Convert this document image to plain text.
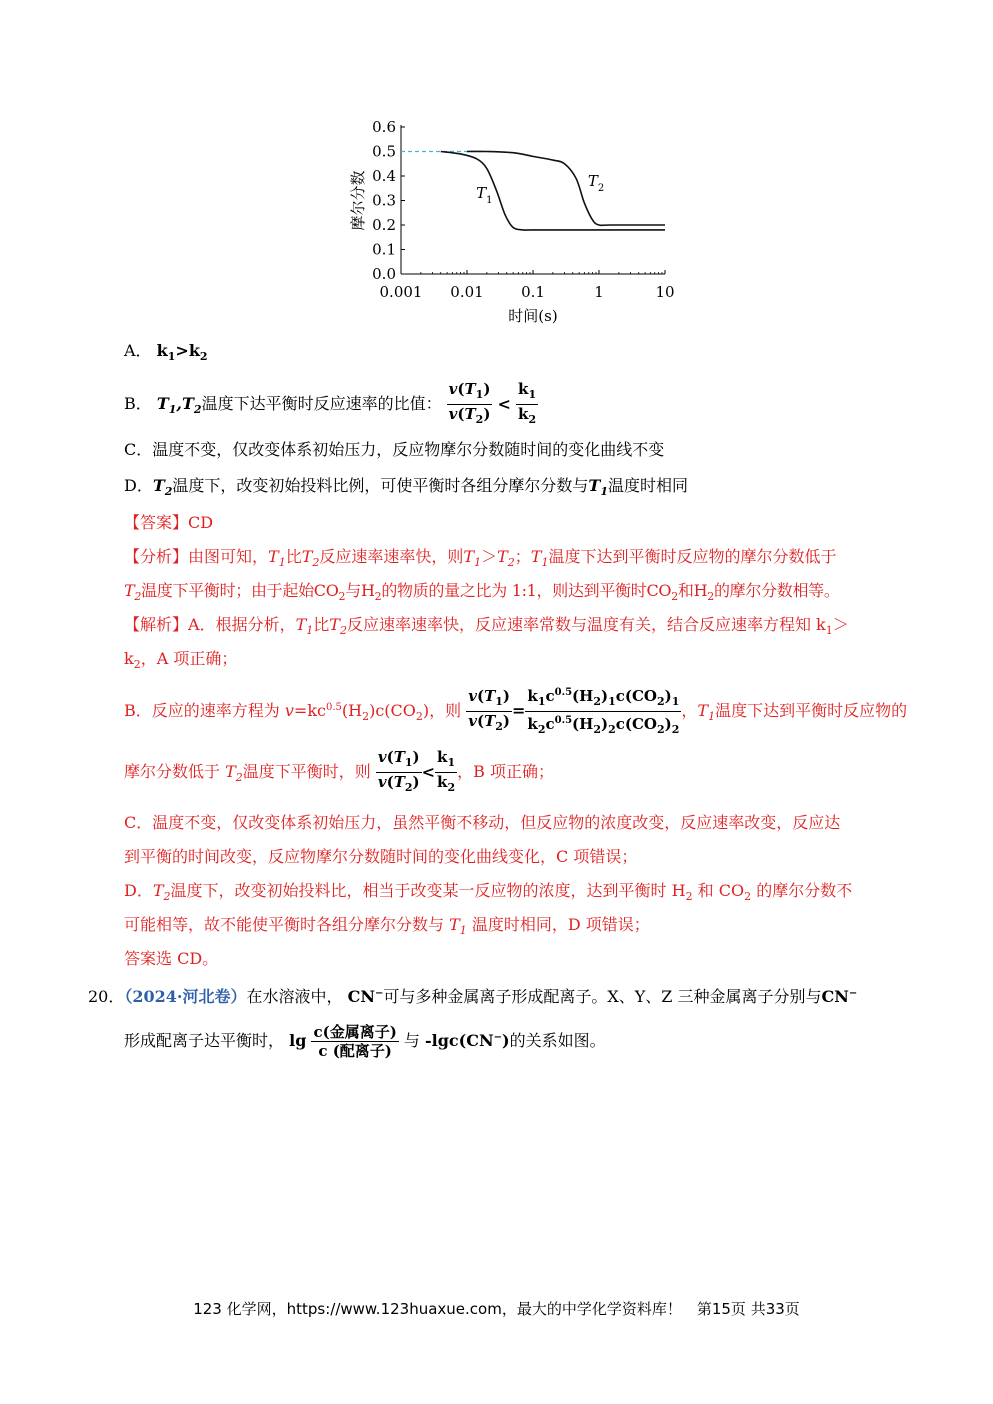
0.0
0.1
0.2
0.3
0.4
0.5
0.6
0.001 0.01 0.1	1	10
时间(s)
摩尔分数	T 1
T 2
A． $k_1>k_2$
B． $T_1,T_2$温度下达平衡时反应速率的比值： $\frac{v(T_1)}{v(T_2)} < \frac{k_1}{k_2}$
C．温度不变，仅改变体系初始压力，反应物摩尔分数随时间的变化曲线不变
D．$T_2$温度下，改变初始投料比例，可使平衡时各组分摩尔分数与$T_1$温度时相同
【答案】CD
【分析】由图可知，$T_1$比$T_2$反应速率速率快，则$T_1>T_2$；$T_1$温度下达到平衡时反应物的摩尔分数低于
$T_2$温度下平衡时；由于起始$CO_2$与$H_2$的物质的量之比为 1:1，则达到平衡时$CO_2$和$H_2$的摩尔分数相等。
【解析】A．根据分析，$T_1$比$T_2$反应速率速率快，反应速率常数与温度有关，结合反应速率方程知 $k_1>$
$k_2$，A 项正确；
B．反应的速率方程为 $v=kc^{0.5}(H_2)c(CO_2)$，则 $\frac{v(T_1)}{v(T_2)} = \frac{k_1c^{0.5}(H_2)_1c(CO_2)_1}{k_2c^{0.5}(H_2)_2c(CO_2)_2}$ ，$T_1$温度下达到平衡时反应物的
摩尔分数低于 $T_2$温度下平衡时，则 $\frac{v(T_1)}{v(T_2)} < \frac{k_1}{k_2}$ ，B 项正确；
C．温度不变，仅改变体系初始压力，虽然平衡不移动，但反应物的浓度改变，反应速率改变，反应达
到平衡的时间改变，反应物摩尔分数随时间的变化曲线变化，C 项错误；
D．$T_2$温度下，改变初始投料比，相当于改变某一反应物的浓度，达到平衡时 $H_2$ 和 $CO_2$ 的摩尔分数不
可能相等，故不能使平衡时各组分摩尔分数与 $T_1$ 温度时相同，D 项错误；
答案选 CD。
20．（2024·河北卷）在水溶液中， CN−可与多种金属离子形成配离子。X、Y、Z 三种金属离子分别与CN−
形成配离子达平衡时， $\lg \frac{\text{c(金属离子)}}{\text{c (配离子)}}$ 与 -lgc(CN−)的关系如图。
123 化学网，https://www.123huaxue.com，最大的中学化学资料库！　第15页 共33页
